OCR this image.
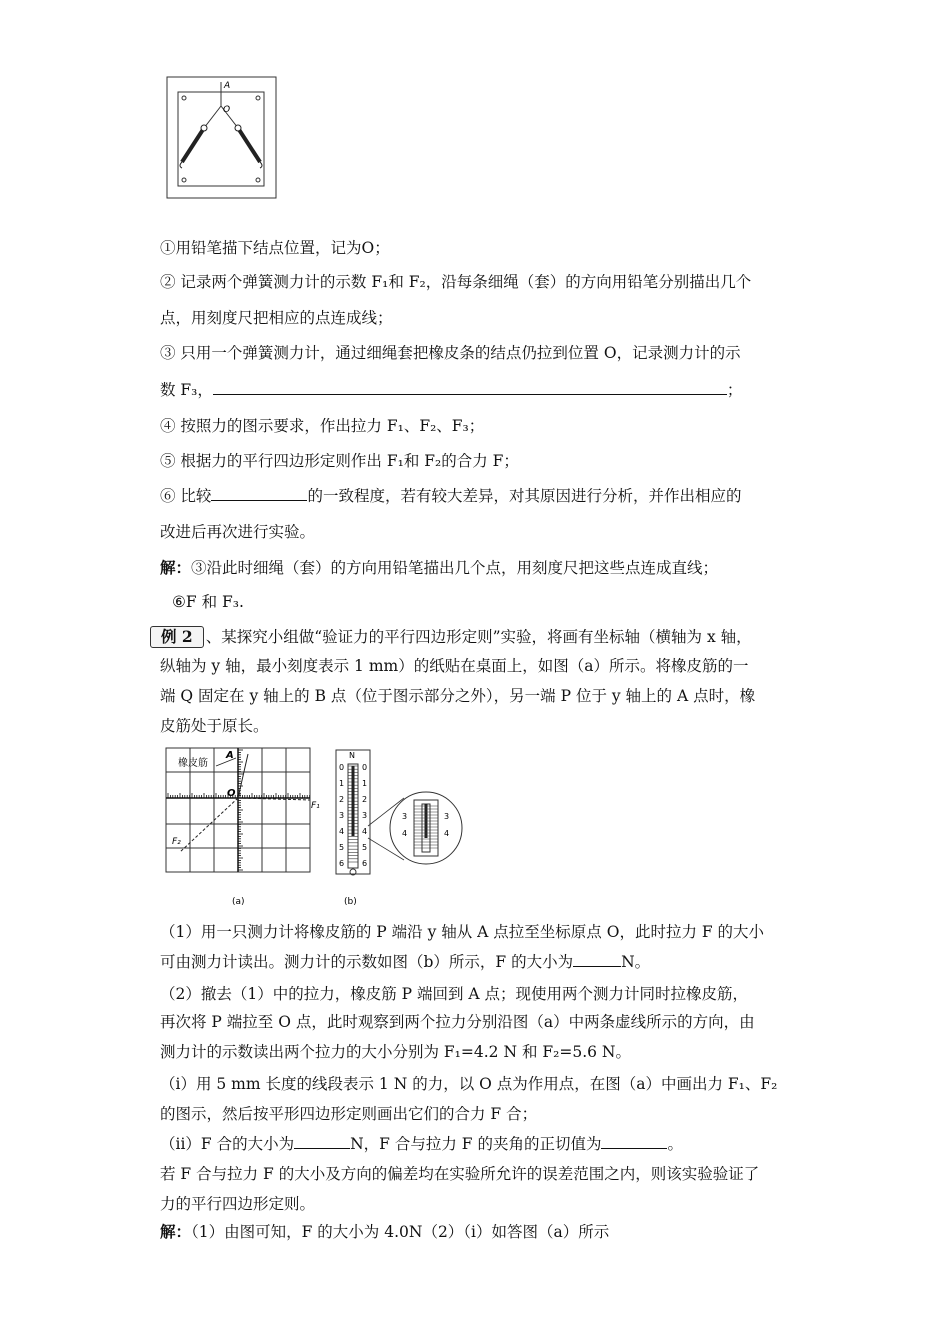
A
O
①用铅笔描下结点位置，记为O；
② 记录两个弹簧测力计的示数 F₁和 F₂，沿每条细绳（套）的方向用铅笔分别描出几个
点，用刻度尺把相应的点连成线；
③ 只用一个弹簧测力计，通过细绳套把橡皮条的结点仍拉到位置 O，记录测力计的示
数 F₃，	；
④ 按照力的图示要求，作出拉力 F₁、F₂、F₃；
⑤ 根据力的平行四边形定则作出 F₁和 F₂的合力 F；
⑥ 比较	的一致程度，若有较大差异，对其原因进行分析，并作出相应的
改进后再次进行实验。
解：③沿此时细绳（套）的方向用铅笔描出几个点，用刻度尺把这些点连成直线；
⑥F 和 F₃.
例 2 、某探究小组做“验证力的平行四边形定则”实验，将画有坐标轴（横轴为 x 轴，
纵轴为 y 轴，最小刻度表示 1 mm）的纸贴在桌面上，如图（a）所示。将橡皮筋的一
端 Q 固定在 y 轴上的 B 点（位于图示部分之外），另一端 P 位于 y 轴上的 A 点时，橡
皮筋处于原长。
橡皮筋
A
O
F₁
F₂
(a)
N
0
1
2
3
4
5
6
0
1
2
3
4
5
6
3
4
3
4
(b)
（1）用一只测力计将橡皮筋的 P 端沿 y 轴从 A 点拉至坐标原点 O，此时拉力 F 的大小
可由测力计读出。测力计的示数如图（b）所示，F 的大小为	N。
（2）撤去（1）中的拉力，橡皮筋 P 端回到 A 点；现使用两个测力计同时拉橡皮筋，
再次将 P 端拉至 O 点，此时观察到两个拉力分别沿图（a）中两条虚线所示的方向，由
测力计的示数读出两个拉力的大小分别为 F₁=4.2 N 和 F₂=5.6 N。
（i）用 5 mm 长度的线段表示 1 N 的力，以 O 点为作用点，在图（a）中画出力 F₁、F₂
的图示，然后按平形四边形定则画出它们的合力 F 合；
（ii）F 合的大小为	N，F 合与拉力 F 的夹角的正切值为	。
若 F 合与拉力 F 的大小及方向的偏差均在实验所允许的误差范围之内，则该实验验证了
力的平行四边形定则。
解：（1）由图可知，F 的大小为 4.0N（2）（i）如答图（a）所示
